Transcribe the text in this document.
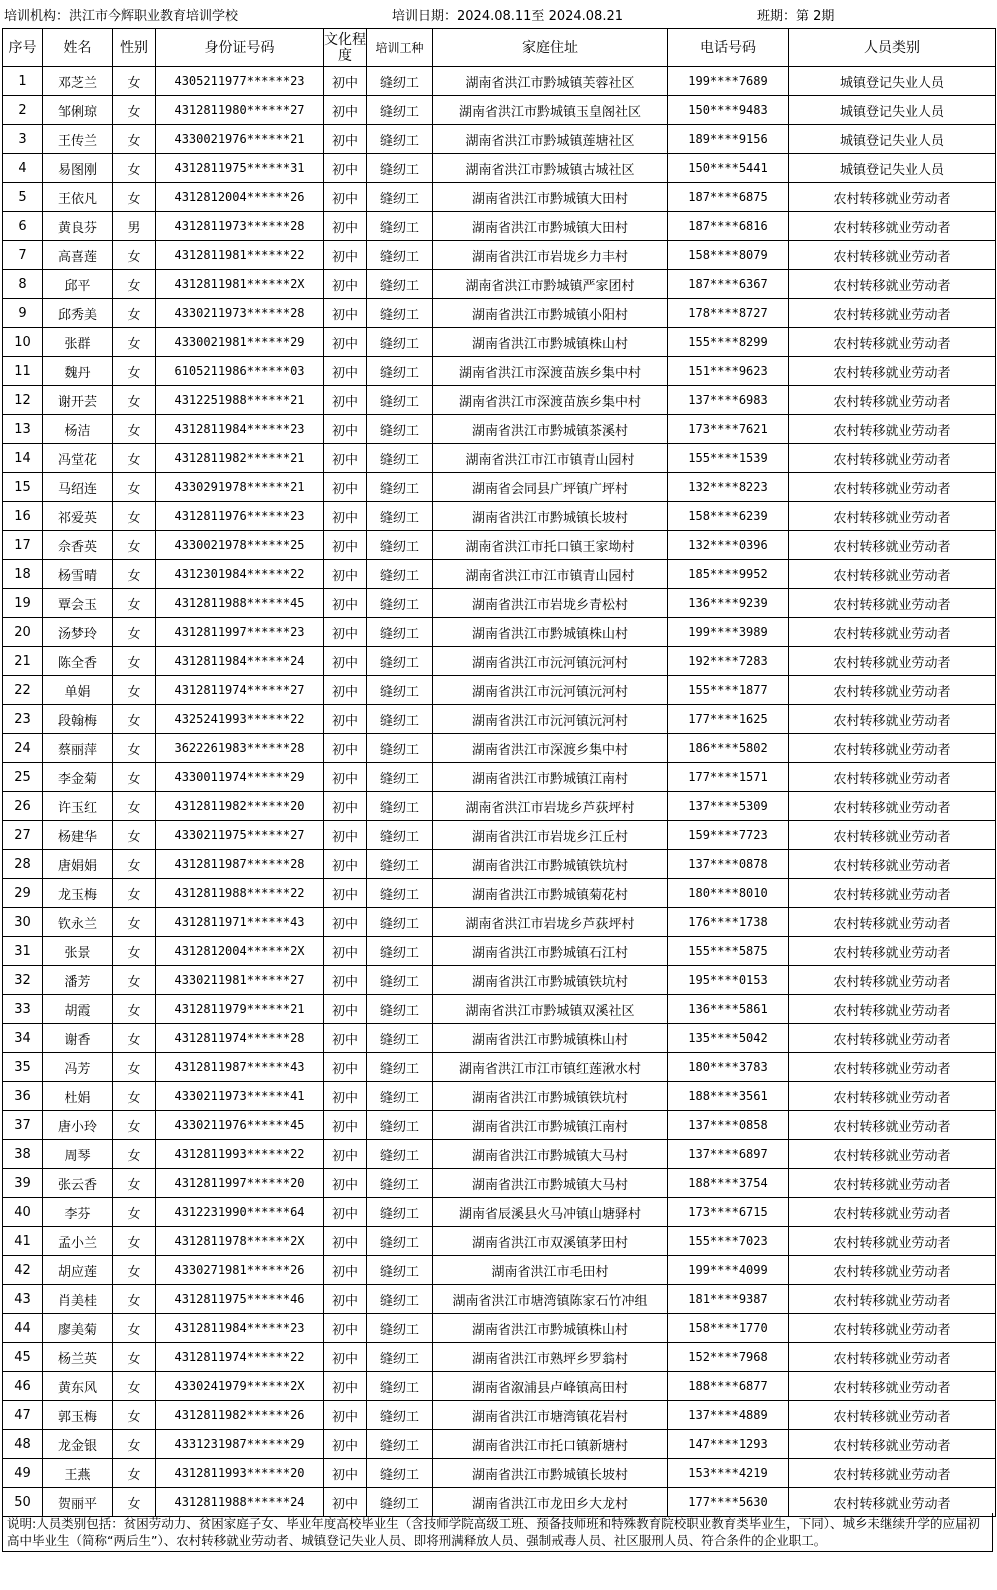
培训机构：洪江市今辉职业教育培训学校	培训日期：2024.08.11至 2024.08.21	班期：第 2期
序号	姓名	性别	身份证号码	文化程度	培训工种	家庭住址	电话号码	人员类别
1	邓芝兰	女	4305211977******23	初中	缝纫工	湖南省洪江市黔城镇芙蓉社区	199****7689	城镇登记失业人员
2	邹俐琼	女	4312811980******27	初中	缝纫工	湖南省洪江市黔城镇玉皇阁社区	150****9483	城镇登记失业人员
3	王传兰	女	4330021976******21	初中	缝纫工	湖南省洪江市黔城镇莲塘社区	189****9156	城镇登记失业人员
4	易图刚	女	4312811975******31	初中	缝纫工	湖南省洪江市黔城镇古城社区	150****5441	城镇登记失业人员
5	王依凡	女	4312812004******26	初中	缝纫工	湖南省洪江市黔城镇大田村	187****6875	农村转移就业劳动者
6	黄良芬	男	4312811973******28	初中	缝纫工	湖南省洪江市黔城镇大田村	187****6816	农村转移就业劳动者
7	高喜莲	女	4312811981******22	初中	缝纫工	湖南省洪江市岩垅乡力丰村	158****8079	农村转移就业劳动者
8	邱平	女	4312811981******2X	初中	缝纫工	湖南省洪江市黔城镇严家团村	187****6367	农村转移就业劳动者
9	邱秀美	女	4330211973******28	初中	缝纫工	湖南省洪江市黔城镇小阳村	178****8727	农村转移就业劳动者
10	张群	女	4330021981******29	初中	缝纫工	湖南省洪江市黔城镇株山村	155****8299	农村转移就业劳动者
11	魏丹	女	6105211986******03	初中	缝纫工	湖南省洪江市深渡苗族乡集中村	151****9623	农村转移就业劳动者
12	谢开芸	女	4312251988******21	初中	缝纫工	湖南省洪江市深渡苗族乡集中村	137****6983	农村转移就业劳动者
13	杨洁	女	4312811984******23	初中	缝纫工	湖南省洪江市黔城镇茶溪村	173****7621	农村转移就业劳动者
14	冯堂花	女	4312811982******21	初中	缝纫工	湖南省洪江市江市镇青山园村	155****1539	农村转移就业劳动者
15	马绍连	女	4330291978******21	初中	缝纫工	湖南省会同县广坪镇广坪村	132****8223	农村转移就业劳动者
16	祁爱英	女	4312811976******23	初中	缝纫工	湖南省洪江市黔城镇长坡村	158****6239	农村转移就业劳动者
17	佘香英	女	4330021978******25	初中	缝纫工	湖南省洪江市托口镇王家坳村	132****0396	农村转移就业劳动者
18	杨雪晴	女	4312301984******22	初中	缝纫工	湖南省洪江市江市镇青山园村	185****9952	农村转移就业劳动者
19	覃会玉	女	4312811988******45	初中	缝纫工	湖南省洪江市岩垅乡青松村	136****9239	农村转移就业劳动者
20	汤梦玲	女	4312811997******23	初中	缝纫工	湖南省洪江市黔城镇株山村	199****3989	农村转移就业劳动者
21	陈全香	女	4312811984******24	初中	缝纫工	湖南省洪江市沅河镇沅河村	192****7283	农村转移就业劳动者
22	单娟	女	4312811974******27	初中	缝纫工	湖南省洪江市沅河镇沅河村	155****1877	农村转移就业劳动者
23	段翰梅	女	4325241993******22	初中	缝纫工	湖南省洪江市沅河镇沅河村	177****1625	农村转移就业劳动者
24	蔡丽萍	女	3622261983******28	初中	缝纫工	湖南省洪江市深渡乡集中村	186****5802	农村转移就业劳动者
25	李金菊	女	4330011974******29	初中	缝纫工	湖南省洪江市黔城镇江南村	177****1571	农村转移就业劳动者
26	许玉红	女	4312811982******20	初中	缝纫工	湖南省洪江市岩垅乡芦荻坪村	137****5309	农村转移就业劳动者
27	杨建华	女	4330211975******27	初中	缝纫工	湖南省洪江市岩垅乡江丘村	159****7723	农村转移就业劳动者
28	唐娟娟	女	4312811987******28	初中	缝纫工	湖南省洪江市黔城镇铁坑村	137****0878	农村转移就业劳动者
29	龙玉梅	女	4312811988******22	初中	缝纫工	湖南省洪江市黔城镇菊花村	180****8010	农村转移就业劳动者
30	钦永兰	女	4312811971******43	初中	缝纫工	湖南省洪江市岩垅乡芦荻坪村	176****1738	农村转移就业劳动者
31	张景	女	4312812004******2X	初中	缝纫工	湖南省洪江市黔城镇石江村	155****5875	农村转移就业劳动者
32	潘芳	女	4330211981******27	初中	缝纫工	湖南省洪江市黔城镇铁坑村	195****0153	农村转移就业劳动者
33	胡霞	女	4312811979******21	初中	缝纫工	湖南省洪江市黔城镇双溪社区	136****5861	农村转移就业劳动者
34	谢香	女	4312811974******28	初中	缝纫工	湖南省洪江市黔城镇株山村	135****5042	农村转移就业劳动者
35	冯芳	女	4312811987******43	初中	缝纫工	湖南省洪江市江市镇红莲湫水村	180****3783	农村转移就业劳动者
36	杜娟	女	4330211973******41	初中	缝纫工	湖南省洪江市黔城镇铁坑村	188****3561	农村转移就业劳动者
37	唐小玲	女	4330211976******45	初中	缝纫工	湖南省洪江市黔城镇江南村	137****0858	农村转移就业劳动者
38	周琴	女	4312811993******22	初中	缝纫工	湖南省洪江市黔城镇大马村	137****6897	农村转移就业劳动者
39	张云香	女	4312811997******20	初中	缝纫工	湖南省洪江市黔城镇大马村	188****3754	农村转移就业劳动者
40	李芬	女	4312231990******64	初中	缝纫工	湖南省辰溪县火马冲镇山塘驿村	173****6715	农村转移就业劳动者
41	孟小兰	女	4312811978******2X	初中	缝纫工	湖南省洪江市双溪镇茅田村	155****7023	农村转移就业劳动者
42	胡应莲	女	4330271981******26	初中	缝纫工	湖南省洪江市毛田村	199****4099	农村转移就业劳动者
43	肖美桂	女	4312811975******46	初中	缝纫工	湖南省洪江市塘湾镇陈家石竹冲组	181****9387	农村转移就业劳动者
44	廖美菊	女	4312811984******23	初中	缝纫工	湖南省洪江市黔城镇株山村	158****1770	农村转移就业劳动者
45	杨兰英	女	4312811974******22	初中	缝纫工	湖南省洪江市熟坪乡罗翁村	152****7968	农村转移就业劳动者
46	黄东风	女	4330241979******2X	初中	缝纫工	湖南省溆浦县卢峰镇高田村	188****6877	农村转移就业劳动者
47	郭玉梅	女	4312811982******26	初中	缝纫工	湖南省洪江市塘湾镇花岩村	137****4889	农村转移就业劳动者
48	龙金银	女	4331231987******29	初中	缝纫工	湖南省洪江市托口镇新塘村	147****1293	农村转移就业劳动者
49	王燕	女	4312811993******20	初中	缝纫工	湖南省洪江市黔城镇长坡村	153****4219	农村转移就业劳动者
50	贺丽平	女	4312811988******24	初中	缝纫工	湖南省洪江市龙田乡大龙村	177****5630	农村转移就业劳动者
说明:人员类别包括：贫困劳动力、贫困家庭子女、毕业年度高校毕业生（含技师学院高级工班、预备技师班和特殊教育院校职业教育类毕业生，下同）、城乡未继续升学的应届初高中毕业生（简称“两后生”）、农村转移就业劳动者、城镇登记失业人员、即将刑满释放人员、强制戒毒人员、社区服刑人员、符合条件的企业职工。
